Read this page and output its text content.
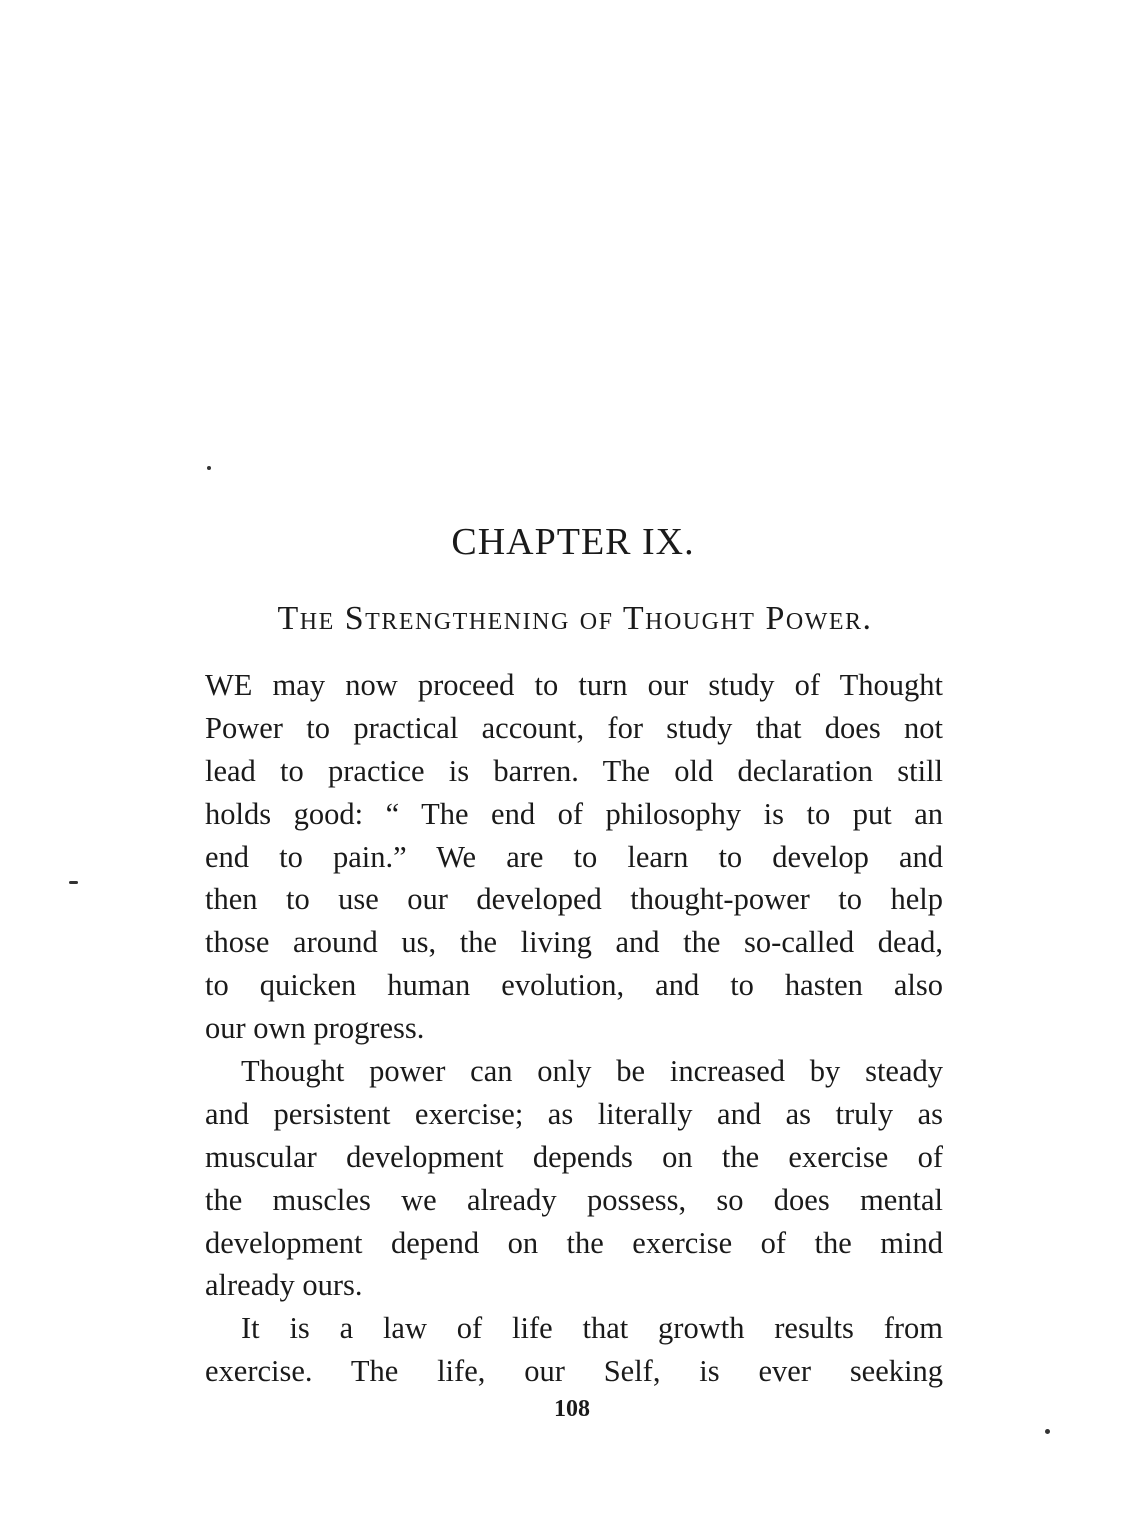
CHAPTER IX.
The Strengthening of Thought Power.
WE may now proceed to turn our study of Thought
Power to practical account, for study that does not
lead to practice is barren. The old declaration still
holds good: “ The end of philosophy is to put an
end to pain.” We are to learn to develop and
then to use our developed thought-power to help
those around us, the living and the so-called dead,
to quicken human evolution, and to hasten also
our own progress.
Thought power can only be increased by steady
and persistent exercise; as literally and as truly as
muscular development depends on the exercise of
the muscles we already possess, so does mental
development depend on the exercise of the mind
already ours.
It is a law of life that growth results from
exercise. The life, our Self, is ever seeking
108
